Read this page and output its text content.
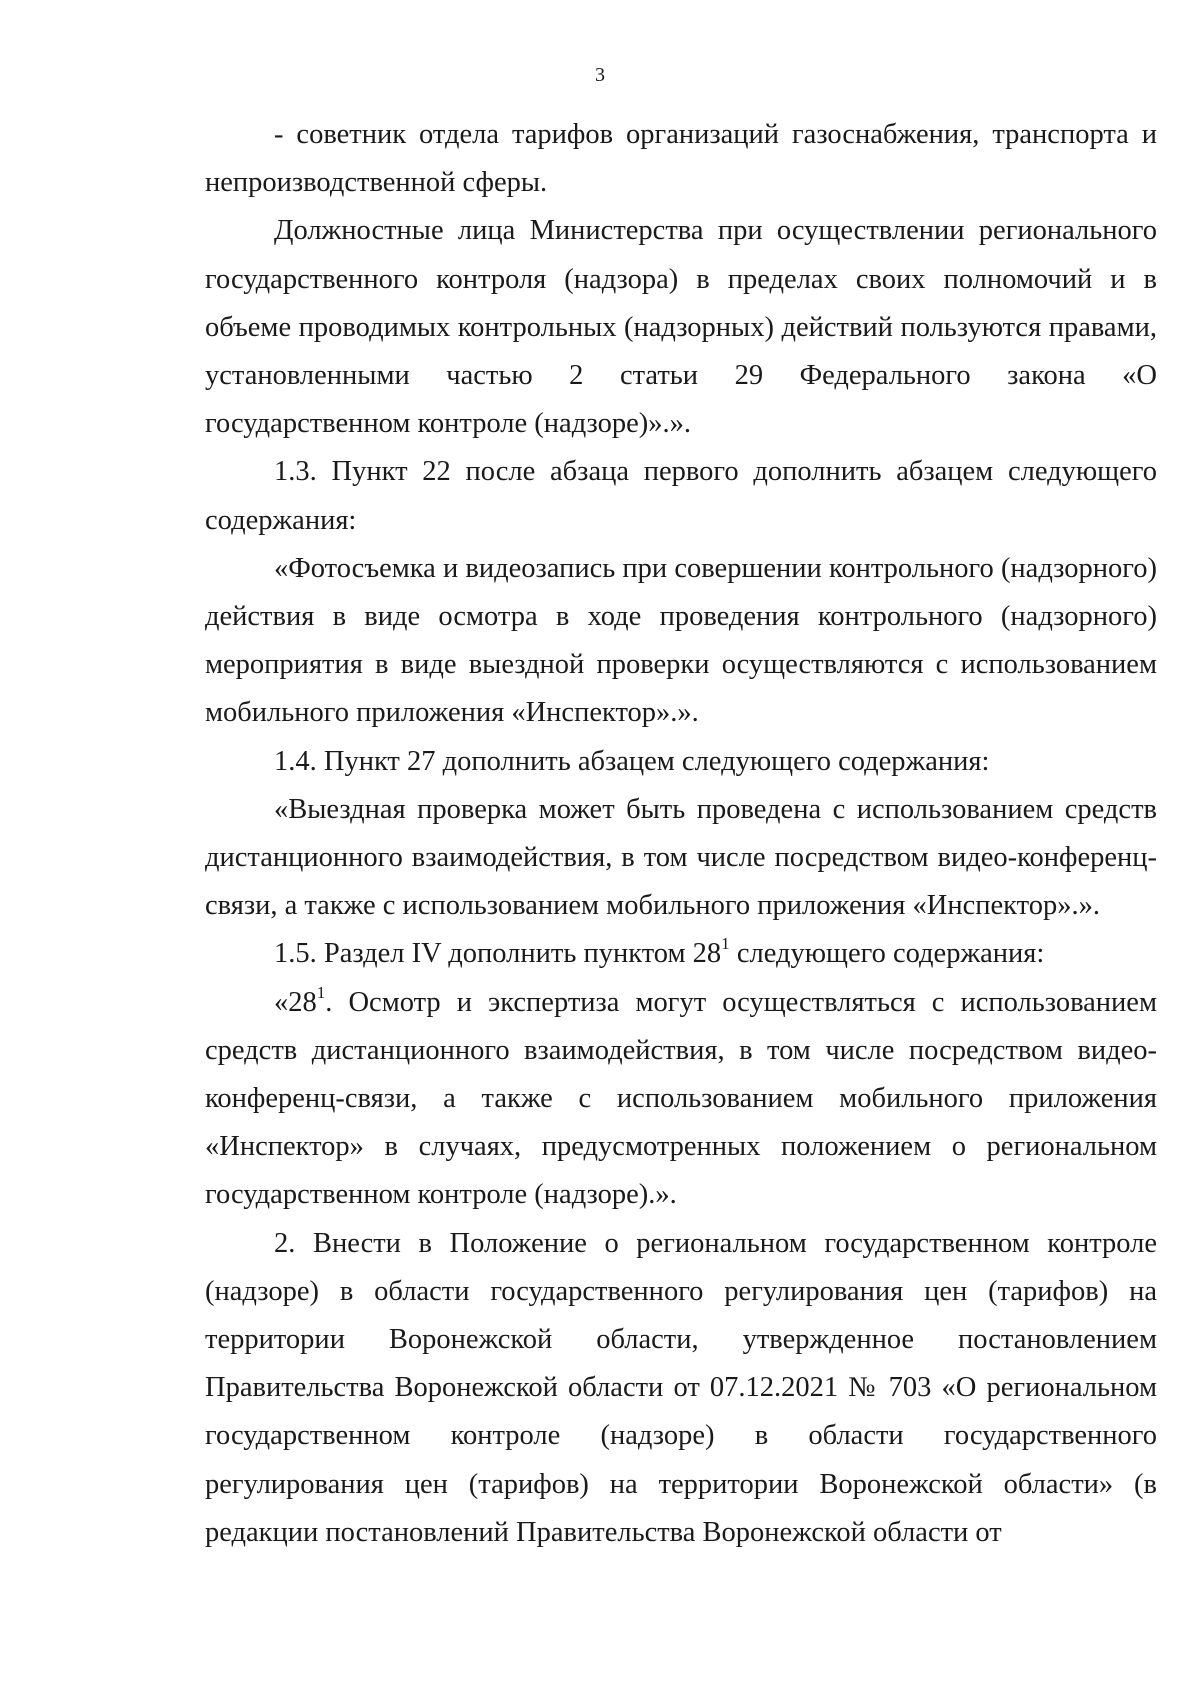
3

- советник отдела тарифов организаций газоснабжения, транспорта и непроизводственной сферы.

Должностные лица Министерства при осуществлении регионального государственного контроля (надзора) в пределах своих полномочий и в объеме проводимых контрольных (надзорных) действий пользуются правами, установленными частью 2 статьи 29 Федерального закона «О государственном контроле (надзоре)».».

1.3. Пункт 22 после абзаца первого дополнить абзацем следующего содержания:

«Фотосъемка и видеозапись при совершении контрольного (надзорного) действия в виде осмотра в ходе проведения контрольного (надзорного) мероприятия в виде выездной проверки осуществляются с использованием мобильного приложения «Инспектор».».

1.4. Пункт 27 дополнить абзацем следующего содержания:

«Выездная проверка может быть проведена с использованием средств дистанционного взаимодействия, в том числе посредством видео-конференц-связи, а также с использованием мобильного приложения «Инспектор».».

1.5. Раздел IV дополнить пунктом $28^1$ следующего содержания:

«$28^1$. Осмотр и экспертиза могут осуществляться с использованием средств дистанционного взаимодействия, в том числе посредством видео-конференц-связи, а также с использованием мобильного приложения «Инспектор» в случаях, предусмотренных положением о региональном государственном контроле (надзоре).».

2. Внести в Положение о региональном государственном контроле (надзоре) в области государственного регулирования цен (тарифов) на территории Воронежской области, утвержденное постановлением Правительства Воронежской области от 07.12.2021 № 703 «О региональном государственном контроле (надзоре) в области государственного регулирования цен (тарифов) на территории Воронежской области» (в редакции постановлений Правительства Воронежской области от
